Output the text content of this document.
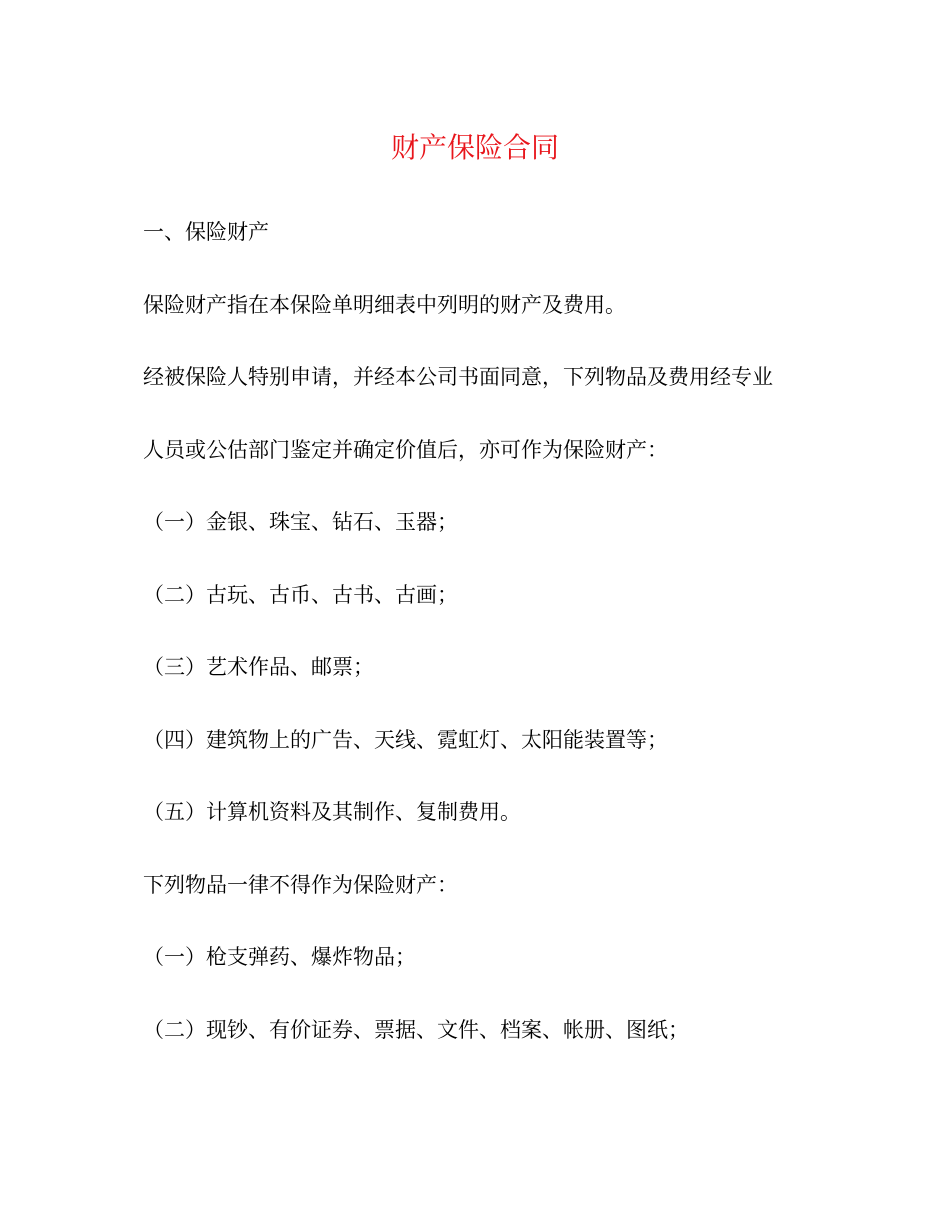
财产保险合同

一、保险财产

保险财产指在本保险单明细表中列明的财产及费用。

经被保险人特别申请，并经本公司书面同意，下列物品及费用经专业

人员或公估部门鉴定并确定价值后，亦可作为保险财产：

（一）金银、珠宝、钻石、玉器；

（二）古玩、古币、古书、古画；

（三）艺术作品、邮票；

（四）建筑物上的广告、天线、霓虹灯、太阳能装置等；

（五）计算机资料及其制作、复制费用。

下列物品一律不得作为保险财产：

（一）枪支弹药、爆炸物品；

（二）现钞、有价证券、票据、文件、档案、帐册、图纸；
